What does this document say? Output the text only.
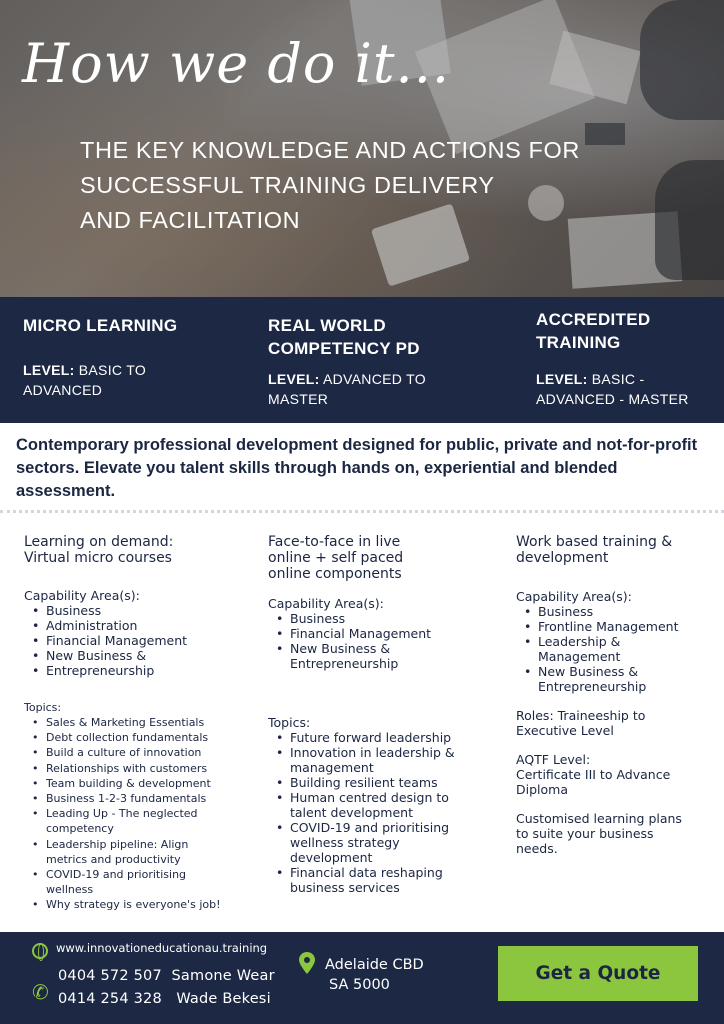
How we do it...
THE KEY KNOWLEDGE AND ACTIONS FOR
SUCCESSFUL TRAINING DELIVERY
AND FACILITATION
MICRO LEARNING
LEVEL: BASIC TO
ADVANCED
REAL WORLD
COMPETENCY PD
LEVEL: ADVANCED TO
MASTER
ACCREDITED
TRAINING
LEVEL: BASIC -
ADVANCED - MASTER
Contemporary professional development designed for public, private and not-for-profit sectors. Elevate you talent skills through hands on, experiential and blended assessment.
Learning on demand:
Virtual micro courses
Capability Area(s):
• Business
• Administration
• Financial Management
• New Business &
• Entrepreneurship
Topics:
• Sales & Marketing Essentials
• Debt collection fundamentals
• Build a culture of innovation
• Relationships with customers
• Team building & development
• Business 1-2-3 fundamentals
• Leading Up - The neglected
competency
• Leadership pipeline: Align
metrics and productivity
• COVID-19 and prioritising
wellness
• Why strategy is everyone's job!
Face-to-face in live
online + self paced
online components
Capability Area(s):
• Business
• Financial Management
• New Business &
Entrepreneurship
Topics:
• Future forward leadership
• Innovation in leadership &
management
• Building resilient teams
• Human centred design to
talent development
• COVID-19 and prioritising
wellness strategy
development
• Financial data reshaping
business services
Work based training &
development
Capability Area(s):
• Business
• Frontline Management
• Leadership &
Management
• New Business &
Entrepreneurship
Roles: Traineeship to
Executive Level
AQTF Level:
Certificate III to Advance
Diploma
Customised learning plans
to suite your business
needs.
www.innovationeducationau.training
✆
0404 572 507 Samone Wear
0414 254 328 Wade Bekesi
Adelaide CBD
SA 5000
Get a Quote
